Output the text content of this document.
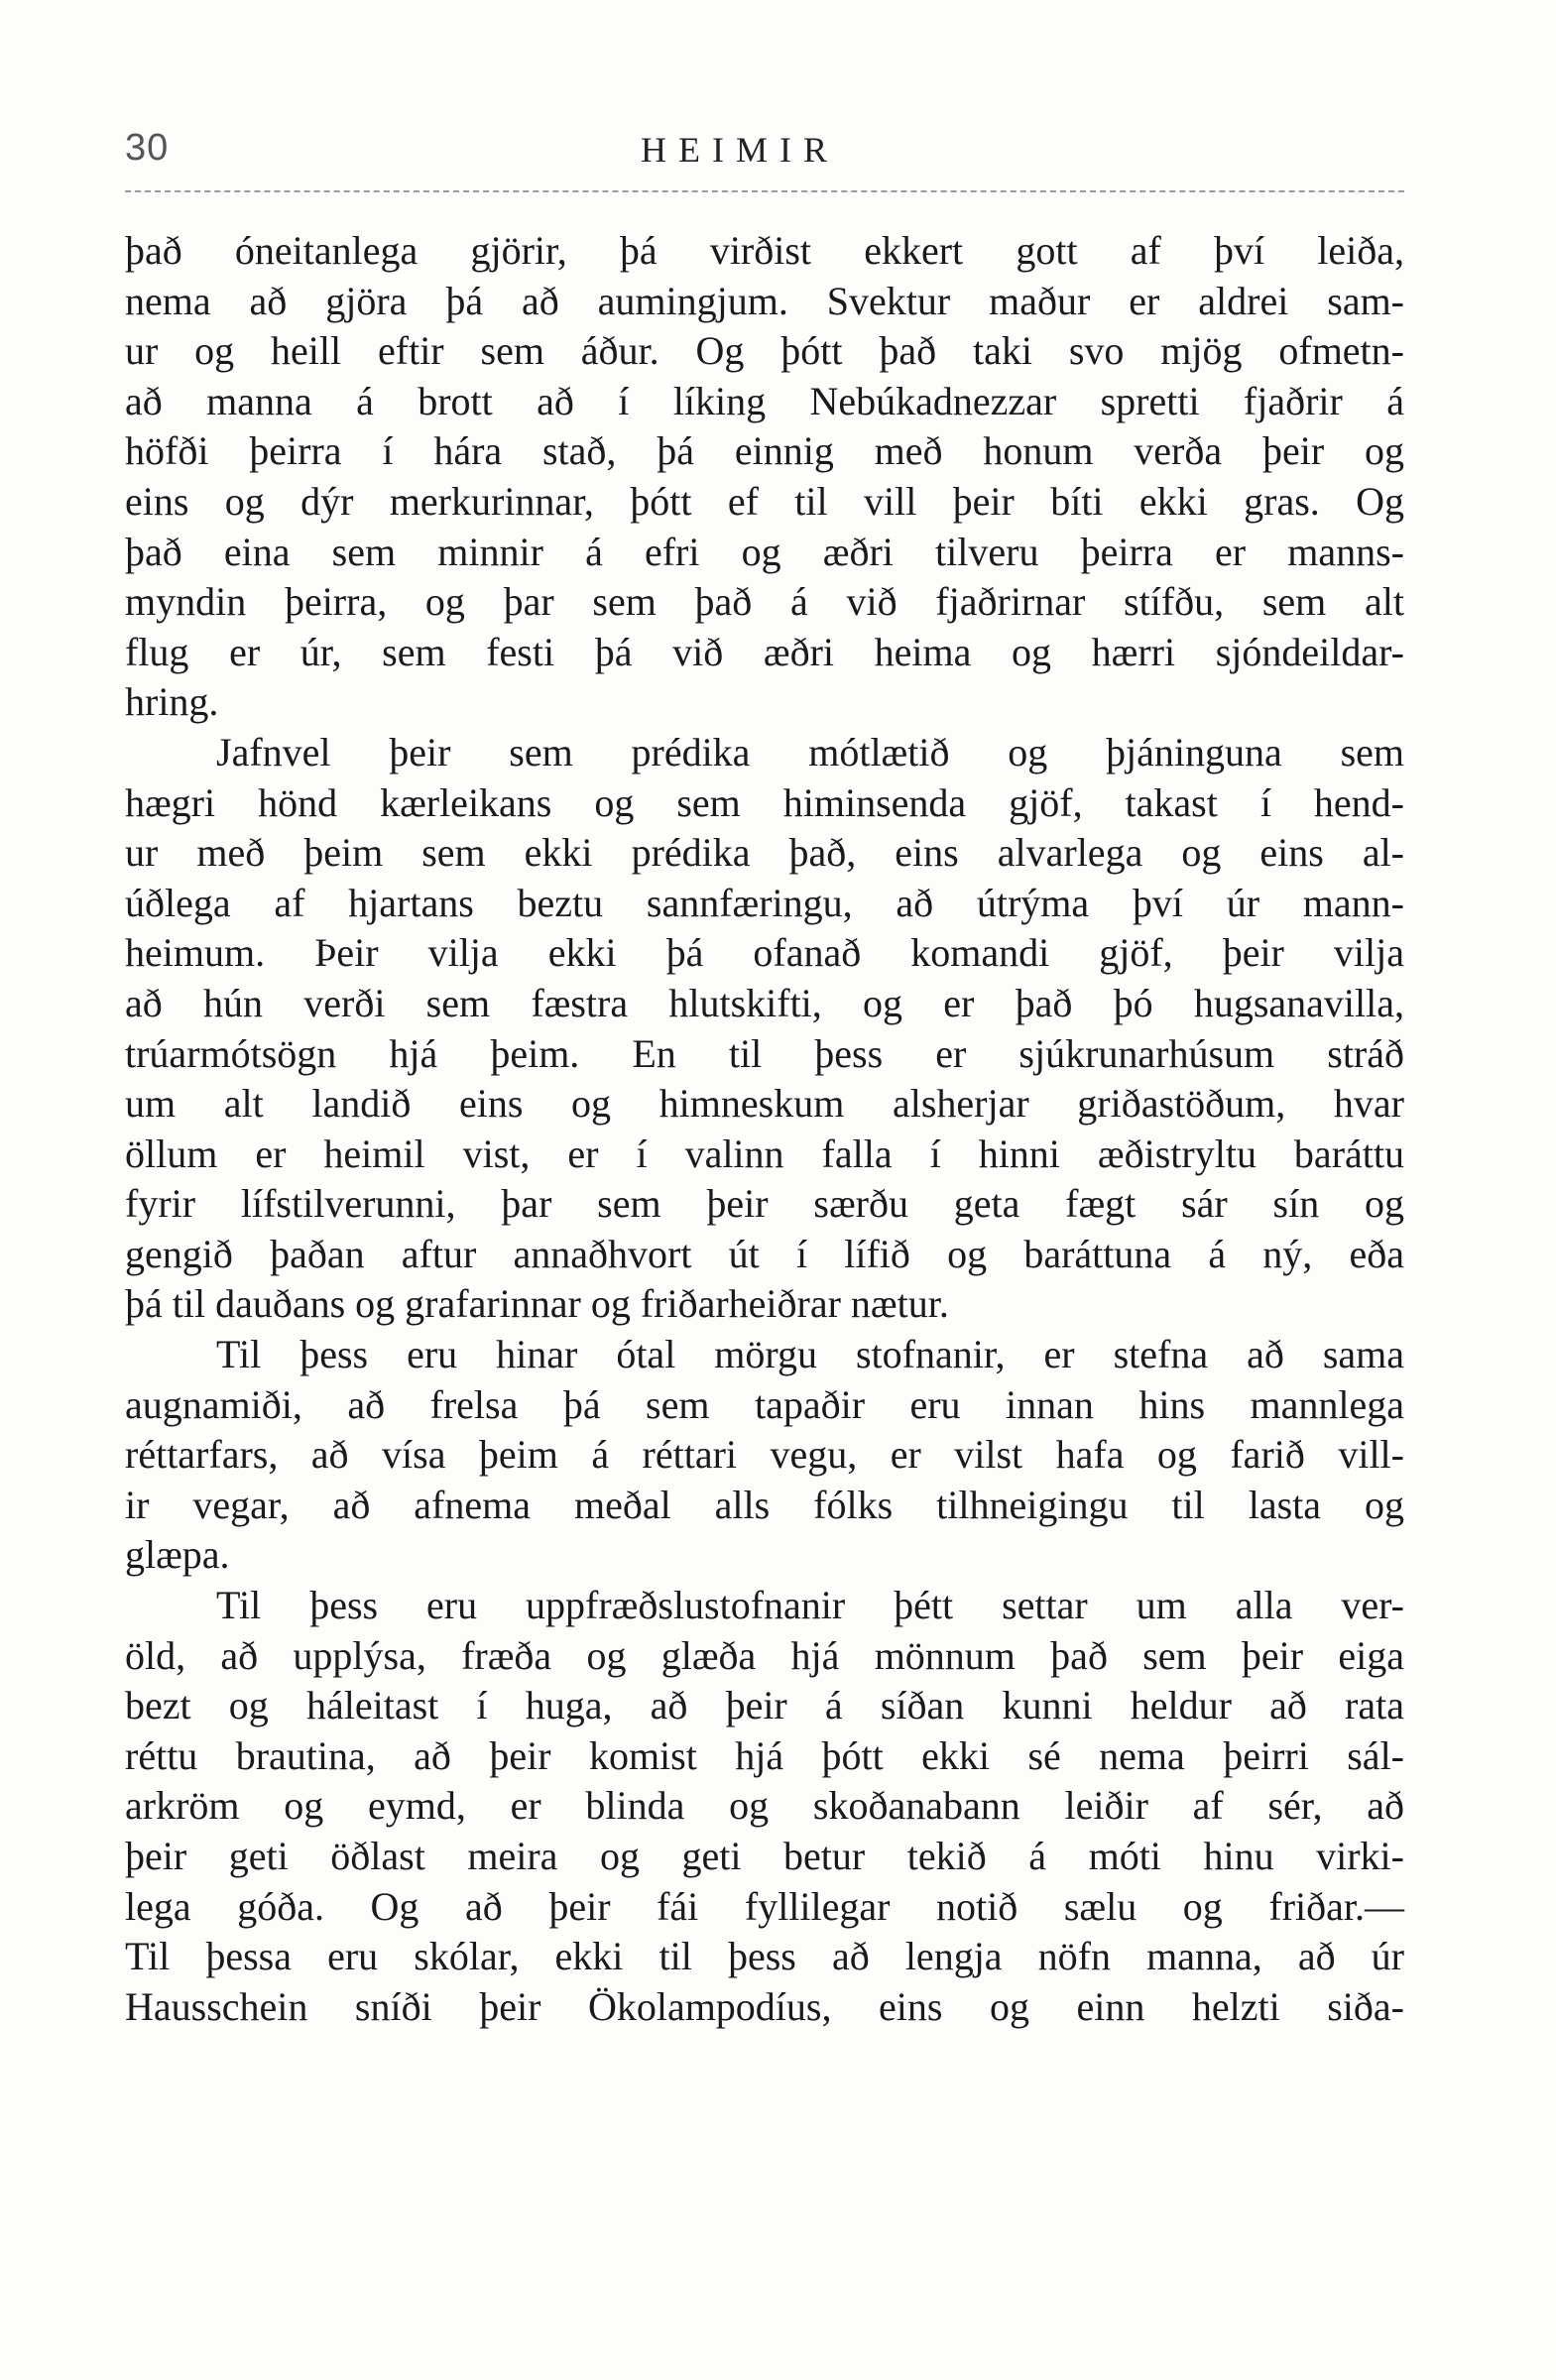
30	HEIMIR
það óneitanlega gjörir, þá virðist ekkert gott af því leiða,
nema að gjöra þá að aumingjum. Svektur maður er aldrei sam-
ur og heill eftir sem áður. Og þótt það taki svo mjög ofmetn-
að manna á brott að í líking Nebúkadnezzar spretti fjaðrir á
höfði þeirra í hára stað, þá einnig með honum verða þeir og
eins og dýr merkurinnar, þótt ef til vill þeir bíti ekki gras. Og
það eina sem minnir á efri og æðri tilveru þeirra er manns-
myndin þeirra, og þar sem það á við fjaðrirnar stífðu, sem alt
flug er úr, sem festi þá við æðri heima og hærri sjóndeildar-
hring.
Jafnvel þeir sem prédika mótlætið og þjáninguna sem
hægri hönd kærleikans og sem himinsenda gjöf, takast í hend-
ur með þeim sem ekki prédika það, eins alvarlega og eins al-
úðlega af hjartans beztu sannfæringu, að útrýma því úr mann-
heimum. Þeir vilja ekki þá ofanað komandi gjöf, þeir vilja
að hún verði sem fæstra hlutskifti, og er það þó hugsanavilla,
trúarmótsögn hjá þeim. En til þess er sjúkrunarhúsum stráð
um alt landið eins og himneskum alsherjar griðastöðum, hvar
öllum er heimil vist, er í valinn falla í hinni æðistryltu baráttu
fyrir lífstilverunni, þar sem þeir særðu geta fægt sár sín og
gengið þaðan aftur annaðhvort út í lífið og baráttuna á ný, eða
þá til dauðans og grafarinnar og friðarheiðrar nætur.
Til þess eru hinar ótal mörgu stofnanir, er stefna að sama
augnamiði, að frelsa þá sem tapaðir eru innan hins mannlega
réttarfars, að vísa þeim á réttari vegu, er vilst hafa og farið vill-
ir vegar, að afnema meðal alls fólks tilhneigingu til lasta og
glæpa.
Til þess eru uppfræðslustofnanir þétt settar um alla ver-
öld, að upplýsa, fræða og glæða hjá mönnum það sem þeir eiga
bezt og háleitast í huga, að þeir á síðan kunni heldur að rata
réttu brautina, að þeir komist hjá þótt ekki sé nema þeirri sál-
arkröm og eymd, er blinda og skoðanabann leiðir af sér, að
þeir geti öðlast meira og geti betur tekið á móti hinu virki-
lega góða. Og að þeir fái fyllilegar notið sælu og friðar.—
Til þessa eru skólar, ekki til þess að lengja nöfn manna, að úr
Hausschein sníði þeir Ökolampodíus, eins og einn helzti siða-
